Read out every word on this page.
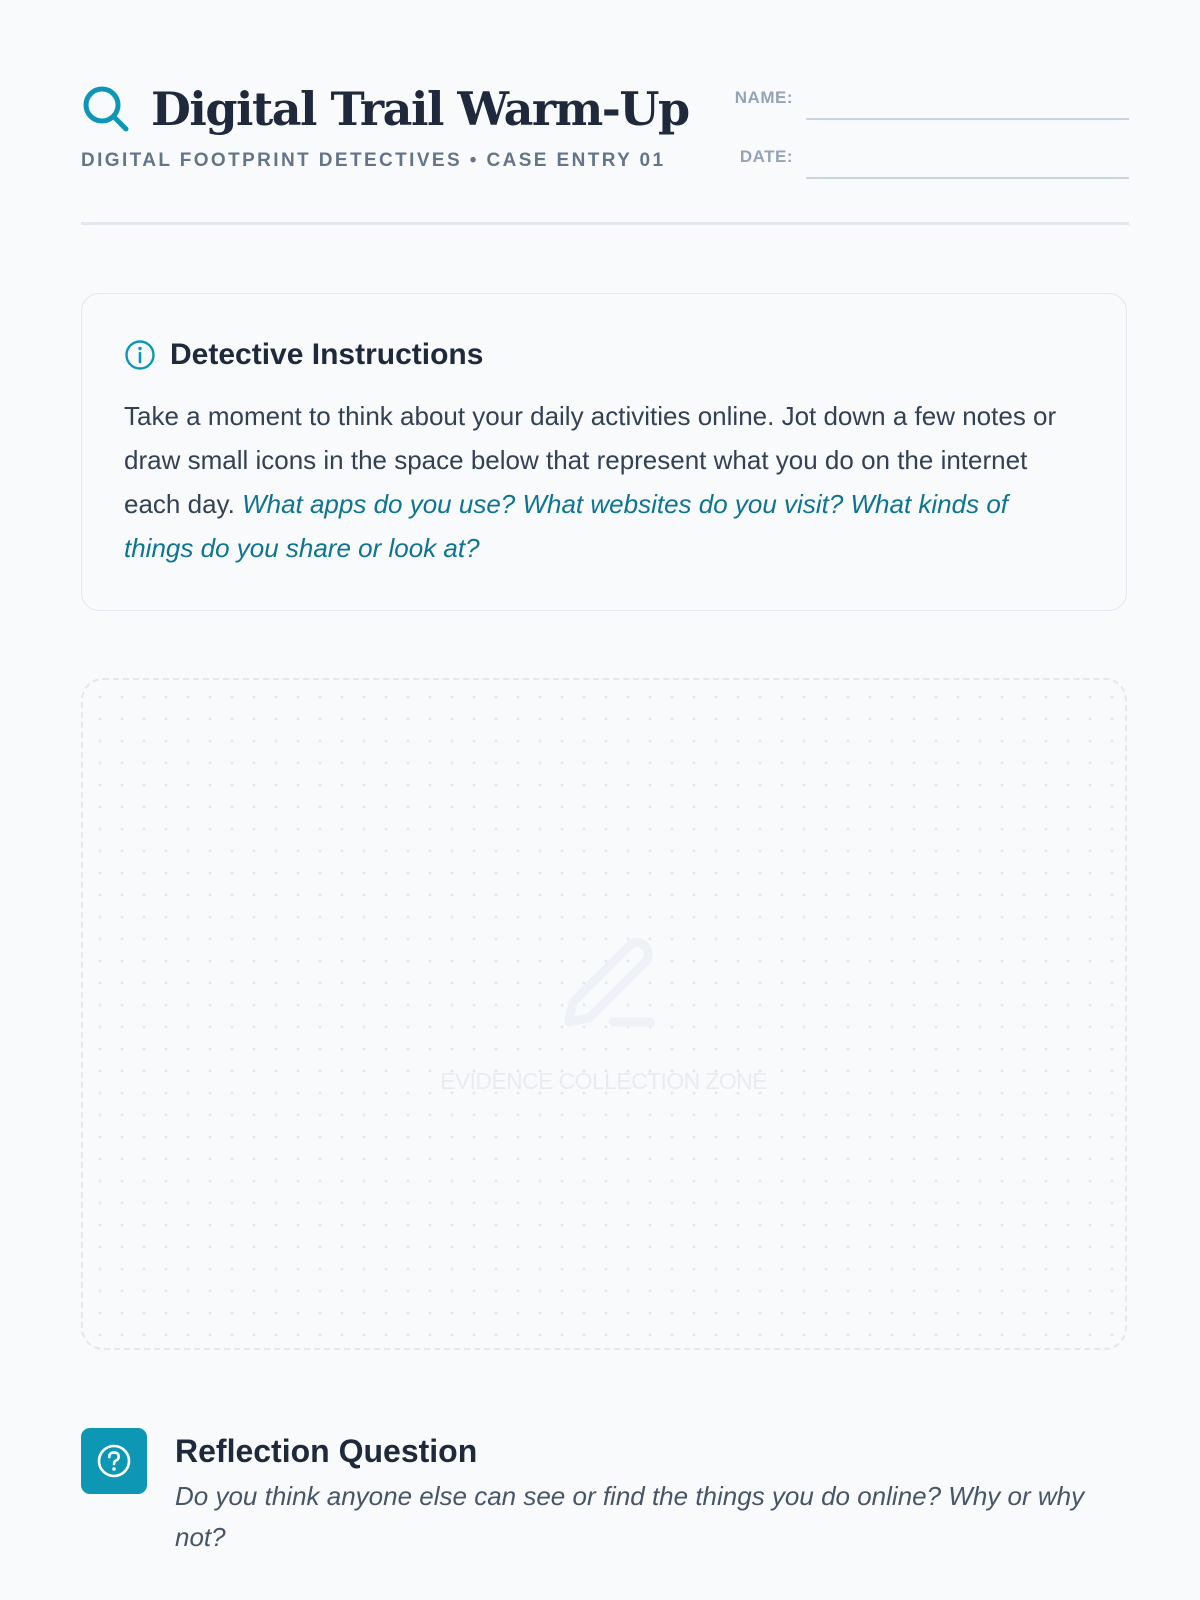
Digital Trail Warm-Up
DIGITAL FOOTPRINT DETECTIVES • CASE ENTRY 01
NAME:
DATE:
Detective Instructions

Take a moment to think about your daily activities online. Jot down a few notes or draw small icons in the space below that represent what you do on the internet each day. What apps do you use? What websites do you visit? What kinds of things do you share or look at?

EVIDENCE COLLECTION ZONE
Reflection Question

Do you think anyone else can see or find the things you do online? Why or why not?
